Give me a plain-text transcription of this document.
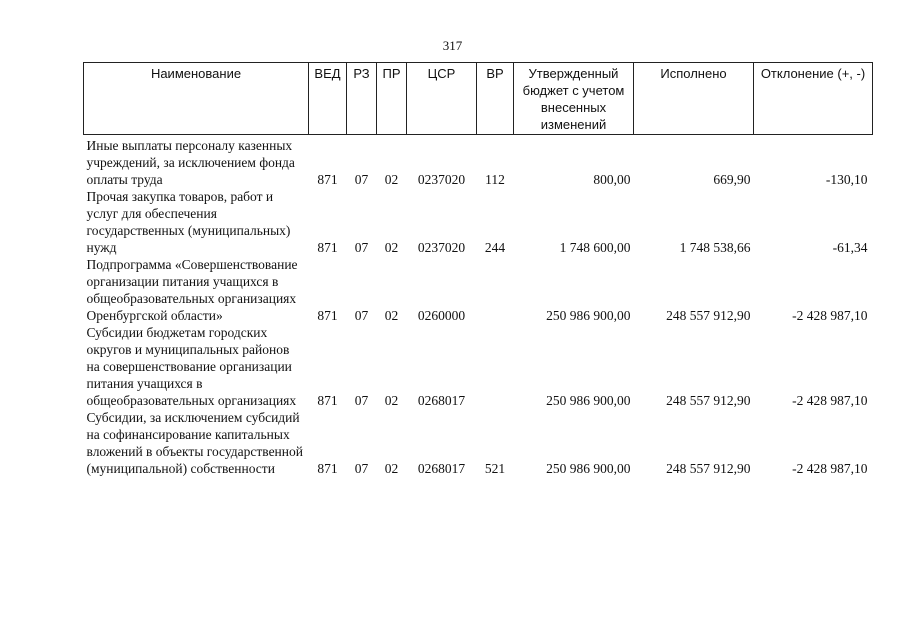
317
Наименование	ВЕД	РЗ	ПР	ЦСР	ВР	Утвержденный бюджет с учетом внесенных изменений	Исполнено	Отклонение (+, -)
Иные выплаты персоналу казенных учреждений, за исключением фонда оплаты труда	871	07	02	0237020	112	800,00	669,90	-130,10
Прочая закупка товаров, работ и услуг для обеспечения государственных (муниципальных) нужд	871	07	02	0237020	244	1 748 600,00	1 748 538,66	-61,34
Подпрограмма «Совершенствование организации питания учащихся в общеобразовательных организациях Оренбургской области»	871	07	02	0260000		250 986 900,00	248 557 912,90	-2 428 987,10
Субсидии бюджетам городских округов и муниципальных районов на совершенствование организации питания учащихся в общеобразовательных организациях	871	07	02	0268017		250 986 900,00	248 557 912,90	-2 428 987,10
Субсидии, за исключением субсидий на софинансирование капитальных вложений в объекты государственной (муниципальной) собственности	871	07	02	0268017	521	250 986 900,00	248 557 912,90	-2 428 987,10
